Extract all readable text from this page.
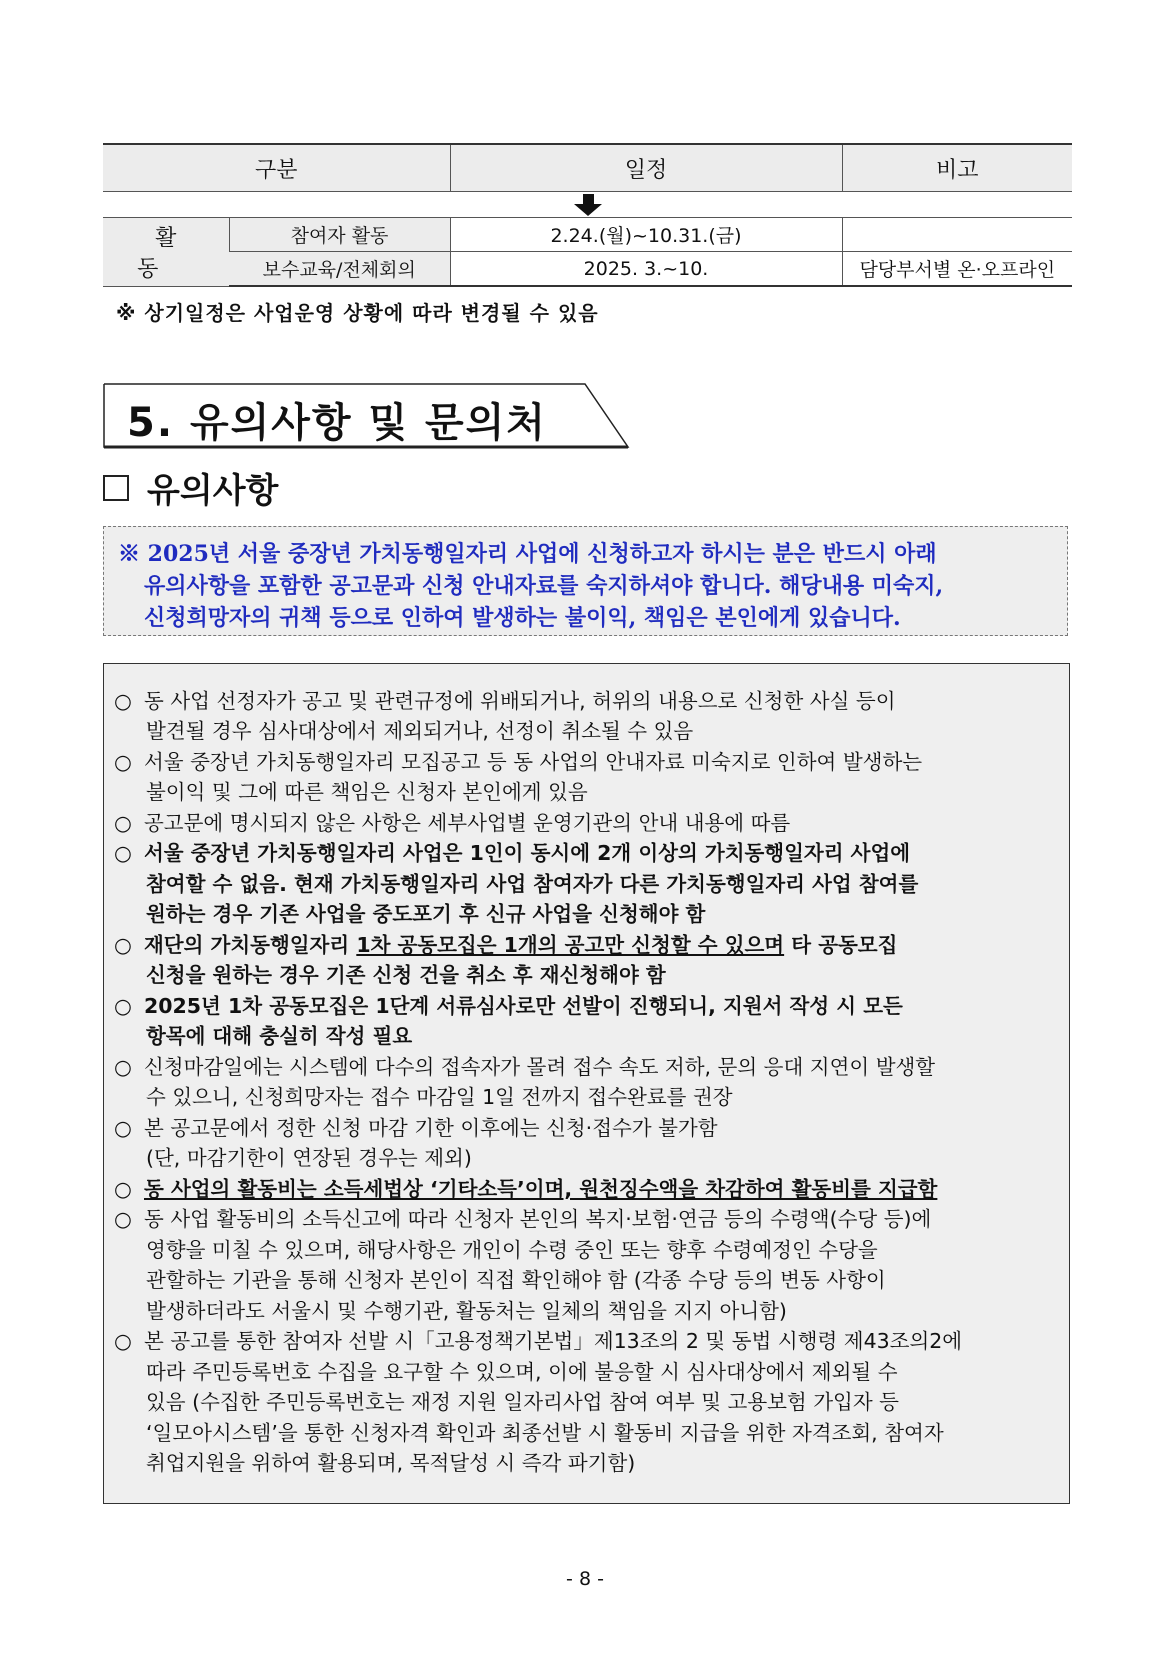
구분		일정	비고

활동	참여자 활동	2.24.(월)~10.31.(금)	
	보수교육/전체회의	2025. 3.~10.	담당부서별 온·오프라인
※ 상기일정은 사업운영 상황에 따라 변경될 수 있음
5. 유의사항 및 문의처
유의사항

※ 2025년 서울 중장년 가치동행일자리 사업에 신청하고자 하시는 분은 반드시 아래

유의사항을 포함한 공고문과 신청 안내자료를 숙지하셔야 합니다. 해당내용 미숙지,

신청희망자의 귀책 등으로 인하여 발생하는 불이익, 책임은 본인에게 있습니다.

○ 동 사업 선정자가 공고 및 관련규정에 위배되거나, 허위의 내용으로 신청한 사실 등이
발견될 경우 심사대상에서 제외되거나, 선정이 취소될 수 있음
○ 서울 중장년 가치동행일자리 모집공고 등 동 사업의 안내자료 미숙지로 인하여 발생하는
불이익 및 그에 따른 책임은 신청자 본인에게 있음
○ 공고문에 명시되지 않은 사항은 세부사업별 운영기관의 안내 내용에 따름
○ 서울 중장년 가치동행일자리 사업은 1인이 동시에 2개 이상의 가치동행일자리 사업에
참여할 수 없음. 현재 가치동행일자리 사업 참여자가 다른 가치동행일자리 사업 참여를
원하는 경우 기존 사업을 중도포기 후 신규 사업을 신청해야 함
○ 재단의 가치동행일자리 1차 공동모집은 1개의 공고만 신청할 수 있으며 타 공동모집
신청을 원하는 경우 기존 신청 건을 취소 후 재신청해야 함
○ 2025년 1차 공동모집은 1단계 서류심사로만 선발이 진행되니, 지원서 작성 시 모든
항목에 대해 충실히 작성 필요
○ 신청마감일에는 시스템에 다수의 접속자가 몰려 접수 속도 저하, 문의 응대 지연이 발생할
수 있으니, 신청희망자는 접수 마감일 1일 전까지 접수완료를 권장
○ 본 공고문에서 정한 신청 마감 기한 이후에는 신청·접수가 불가함
(단, 마감기한이 연장된 경우는 제외)
○ 동 사업의 활동비는 소득세법상 ‘기타소득’이며, 원천징수액을 차감하여 활동비를 지급함
○ 동 사업 활동비의 소득신고에 따라 신청자 본인의 복지·보험·연금 등의 수령액(수당 등)에
영향을 미칠 수 있으며, 해당사항은 개인이 수령 중인 또는 향후 수령예정인 수당을
관할하는 기관을 통해 신청자 본인이 직접 확인해야 함 (각종 수당 등의 변동 사항이
발생하더라도 서울시 및 수행기관, 활동처는 일체의 책임을 지지 아니함)
○ 본 공고를 통한 참여자 선발 시「고용정책기본법」제13조의 2 및 동법 시행령 제43조의2에
따라 주민등록번호 수집을 요구할 수 있으며, 이에 불응할 시 심사대상에서 제외될 수
있음 (수집한 주민등록번호는 재정 지원 일자리사업 참여 여부 및 고용보험 가입자 등
‘일모아시스템’을 통한 신청자격 확인과 최종선발 시 활동비 지급을 위한 자격조회, 참여자
취업지원을 위하여 활용되며, 목적달성 시 즉각 파기함)
- 8 -
